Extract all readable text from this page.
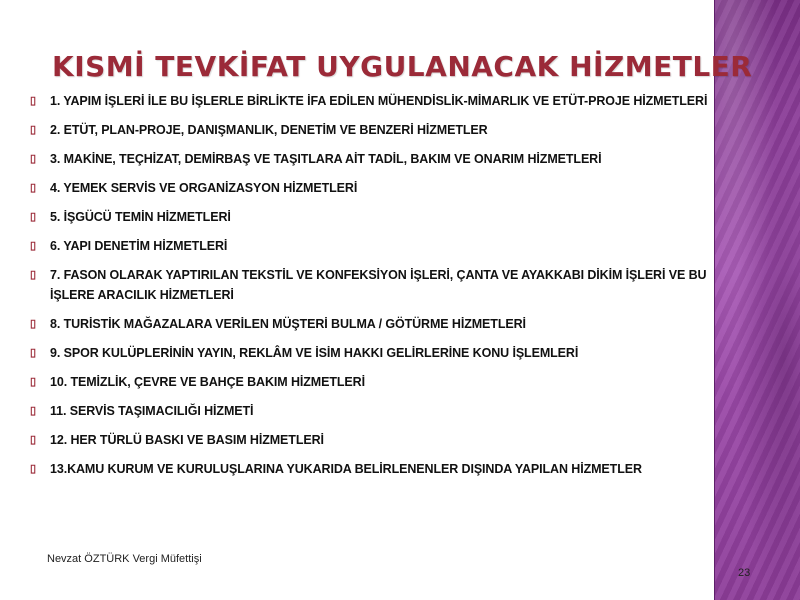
KISMİ TEVKİFAT UYGULANACAK HİZMETLER
▯ 1. YAPIM İŞLERİ İLE BU İŞLERLE BİRLİKTE İFA EDİLEN MÜHENDİSLİK-MİMARLIK VE ETÜT-PROJE HİZMETLERİ
▯ 2. ETÜT, PLAN-PROJE, DANIŞMANLIK, DENETİM VE BENZERİ HİZMETLER
▯ 3. MAKİNE, TEÇHİZAT, DEMİRBAŞ VE TAŞITLARA AİT TADİL, BAKIM VE ONARIM HİZMETLERİ
▯ 4. YEMEK SERVİS VE ORGANİZASYON HİZMETLERİ
▯ 5. İŞGÜCÜ TEMİN HİZMETLERİ
▯ 6. YAPI DENETİM HİZMETLERİ
▯ 7. FASON OLARAK YAPTIRILAN TEKSTİL VE KONFEKSİYON İŞLERİ, ÇANTA VE AYAKKABI DİKİM İŞLERİ VE BU İŞLERE ARACILIK HİZMETLERİ
▯ 8. TURİSTİK MAĞAZALARA VERİLEN MÜŞTERİ BULMA / GÖTÜRME HİZMETLERİ
▯ 9. SPOR KULÜPLERİNİN YAYIN, REKLÂM VE İSİM HAKKI GELİRLERİNE KONU İŞLEMLERİ
▯ 10. TEMİZLİK, ÇEVRE VE BAHÇE BAKIM HİZMETLERİ
▯ 11. SERVİS TAŞIMACILIĞI HİZMETİ
▯ 12. HER TÜRLÜ BASKI VE BASIM HİZMETLERİ
▯ 13.KAMU KURUM VE KURULUŞLARINA YUKARIDA BELİRLENENLER DIŞINDA YAPILAN HİZMETLER
Nevzat ÖZTÜRK Vergi Müfettişi
23
